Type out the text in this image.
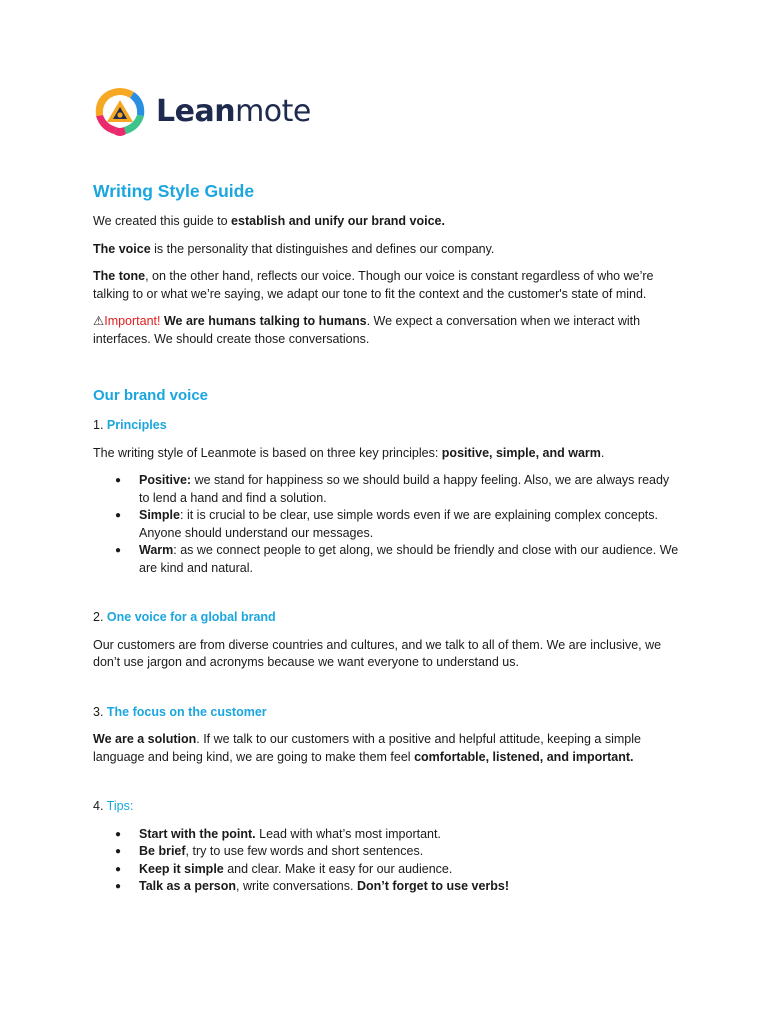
Leanmote
Writing Style Guide

We created this guide to establish and unify our brand voice.

The voice is the personality that distinguishes and defines our company.

The tone, on the other hand, reflects our voice. Though our voice is constant regardless of who we’re talking to or what we’re saying, we adapt our tone to fit the context and the customer's state of mind.

⚠Important! We are humans talking to humans. We expect a conversation when we interact with interfaces. We should create those conversations.

Our brand voice
1. Principles

The writing style of Leanmote is based on three key principles: positive, simple, and warm.

● Positive: we stand for happiness so we should build a happy feeling. Also, we are always ready to lend a hand and find a solution.
● Simple: it is crucial to be clear, use simple words even if we are explaining complex concepts. Anyone should understand our messages.
● Warm: as we connect people to get along, we should be friendly and close with our audience. We are kind and natural.
2. One voice for a global brand

Our customers are from diverse countries and cultures, and we talk to all of them. We are inclusive, we don’t use jargon and acronyms because we want everyone to understand us.

3. The focus on the customer

We are a solution. If we talk to our customers with a positive and helpful attitude, keeping a simple language and being kind, we are going to make them feel comfortable, listened, and important.

4. Tips:
● Start with the point. Lead with what’s most important.
● Be brief, try to use few words and short sentences.
● Keep it simple and clear. Make it easy for our audience.
● Talk as a person, write conversations. Don’t forget to use verbs!
